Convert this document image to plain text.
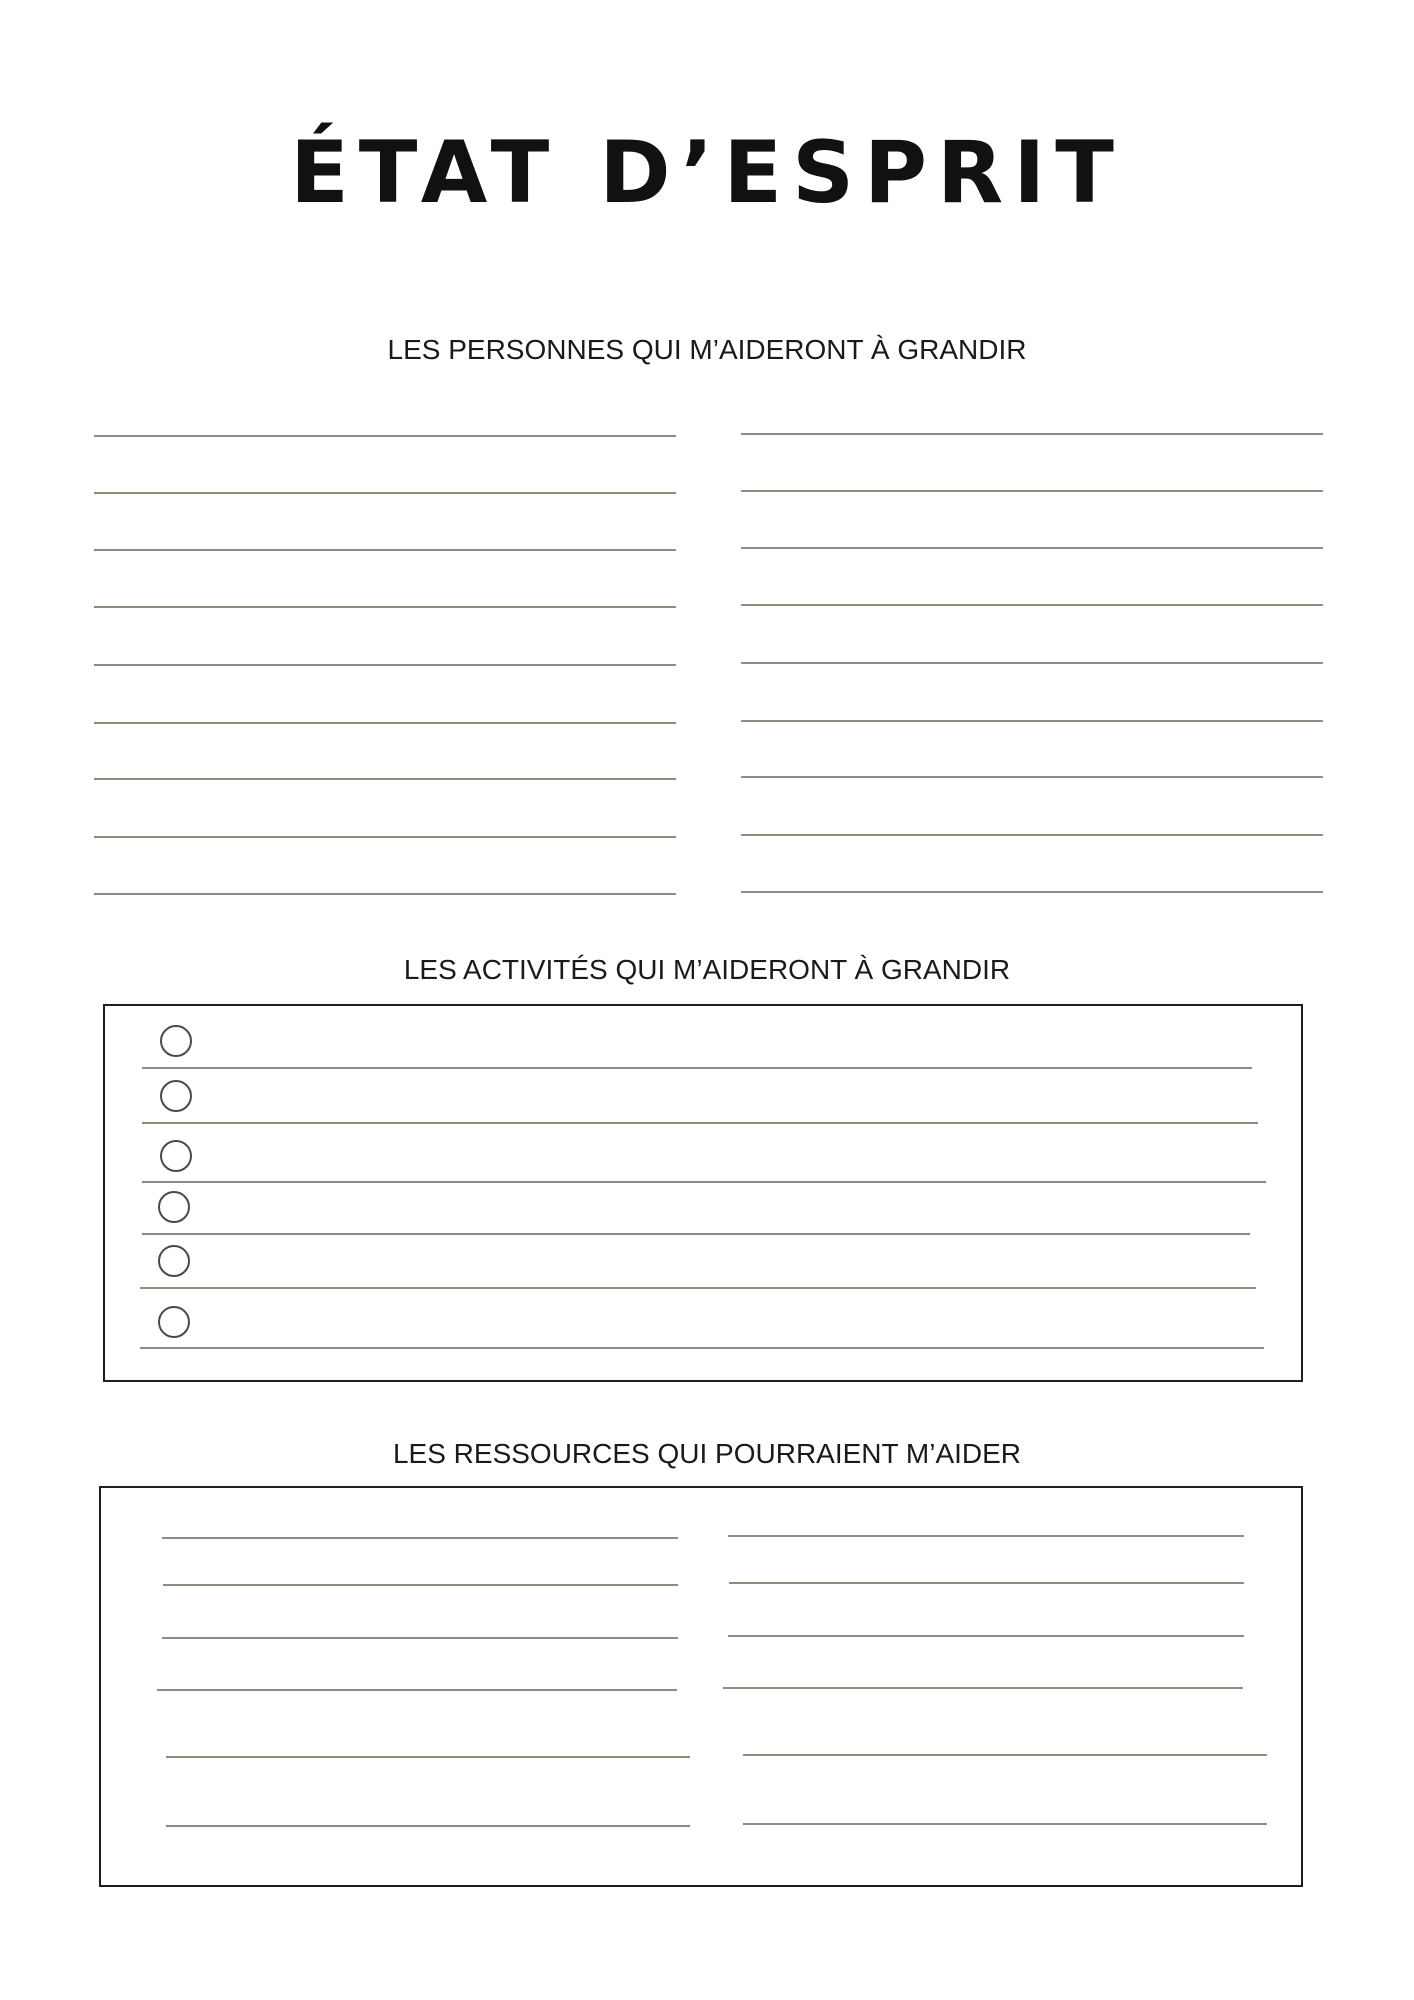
ÉTAT D’ESPRIT
LES PERSONNES QUI M’AIDERONT À GRANDIR
LES ACTIVITÉS QUI M’AIDERONT À GRANDIR
LES RESSOURCES QUI POURRAIENT M’AIDER
